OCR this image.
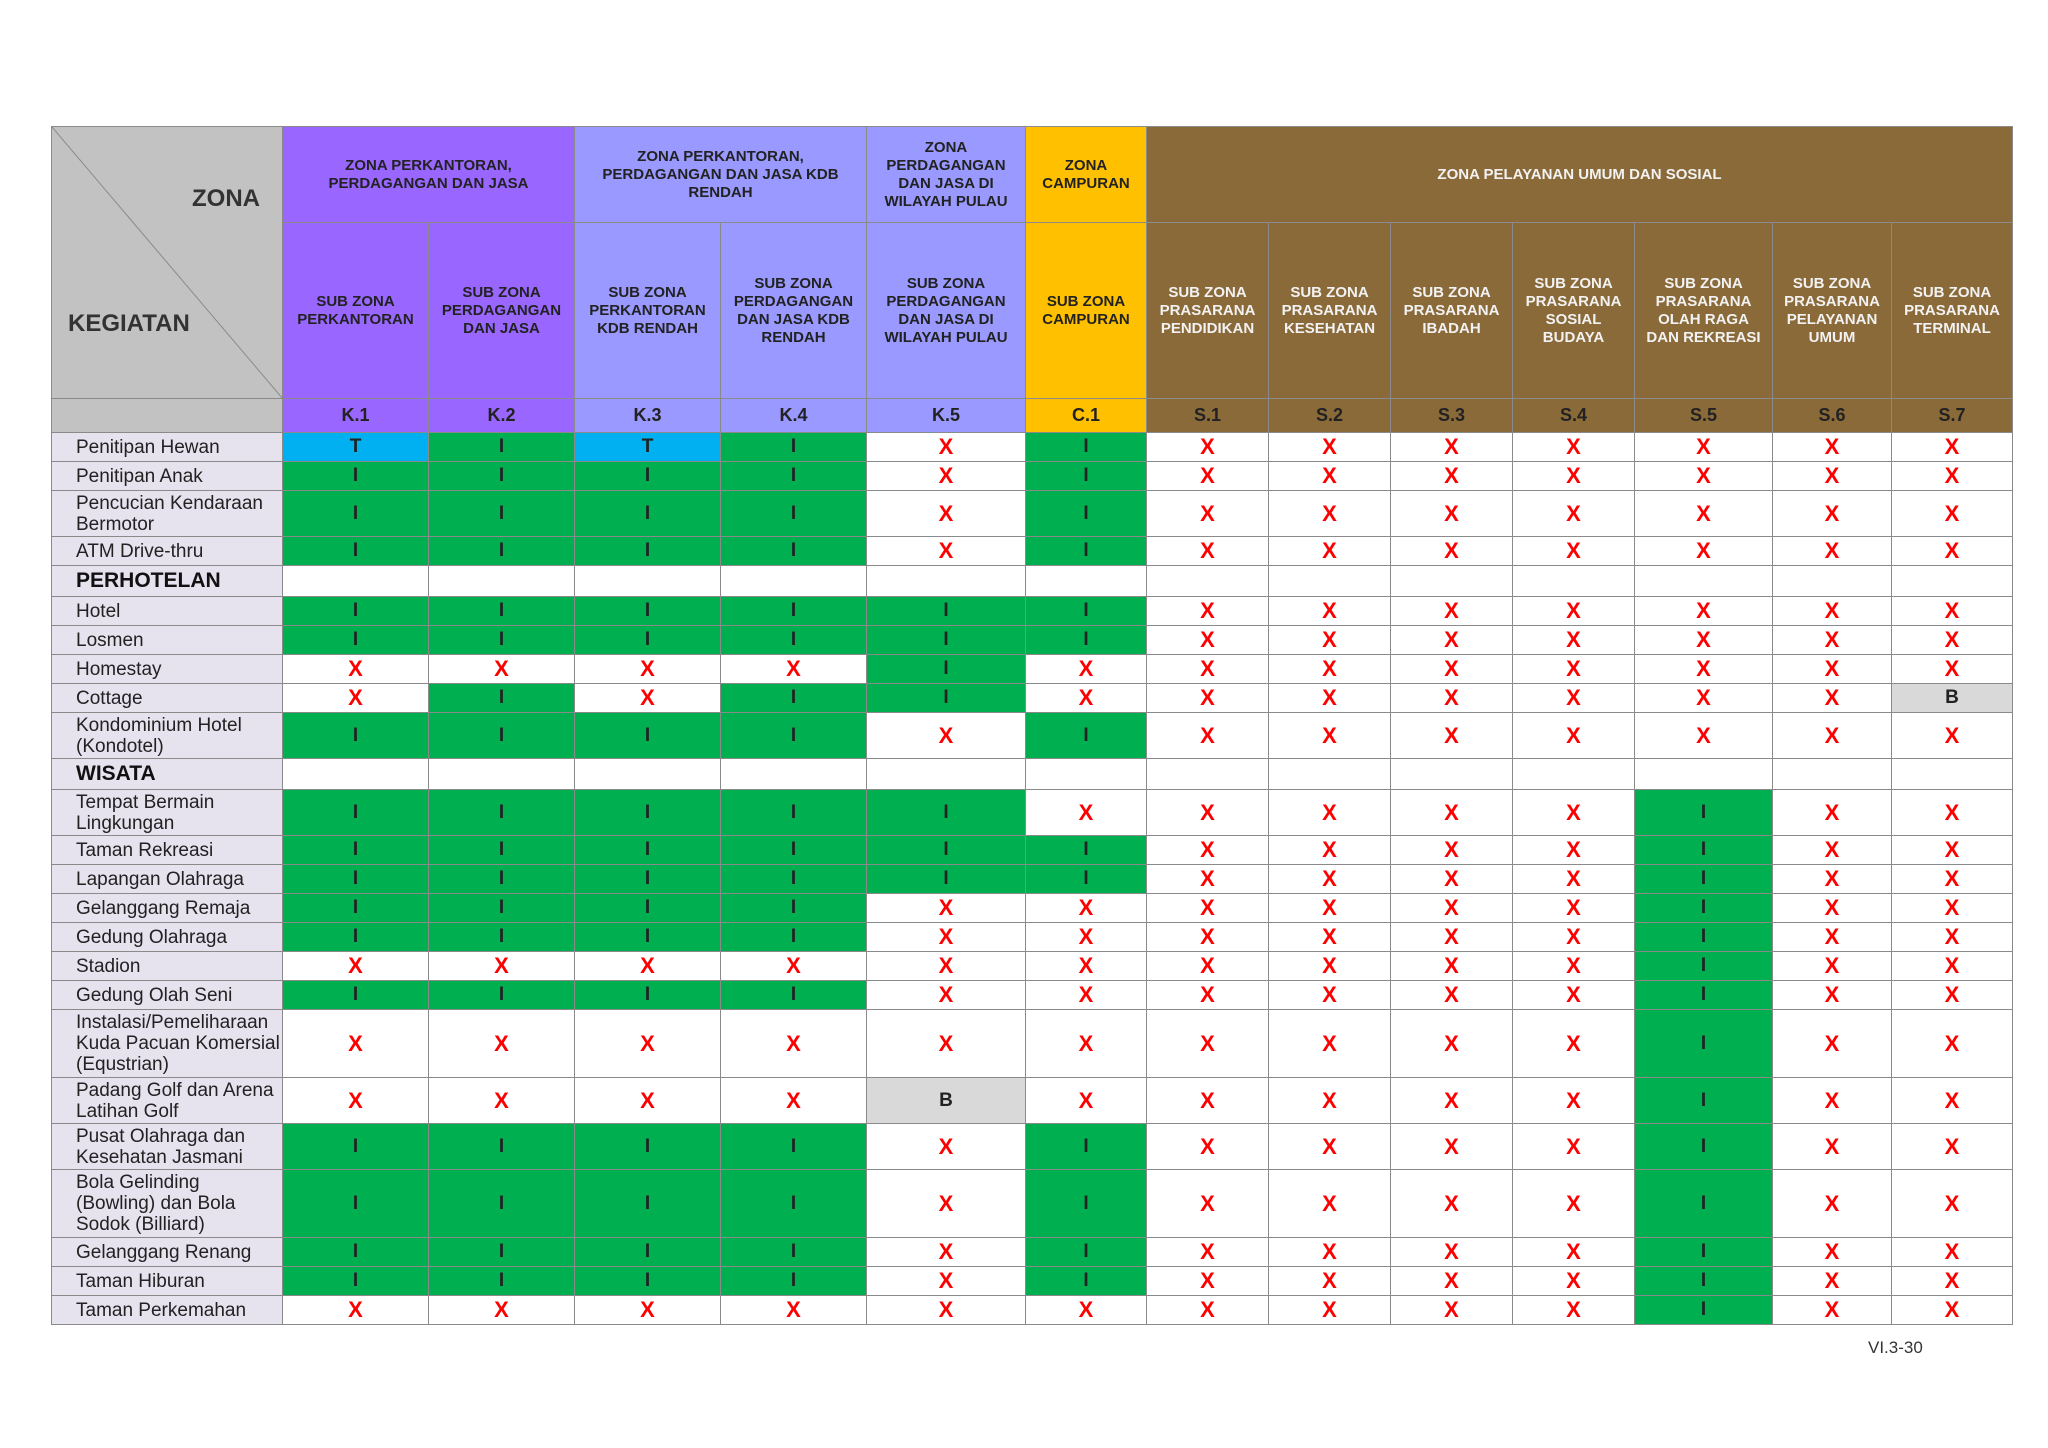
ZONA
KEGIATAN	ZONA PERKANTORAN, PERDAGANGAN DAN JASA		ZONA PERKANTORAN, PERDAGANGAN DAN JASA KDB RENDAH		ZONA PERDAGANGAN DAN JASA DI WILAYAH PULAU	ZONA CAMPURAN	ZONA PELAYANAN UMUM DAN SOSIAL						
	SUB ZONA PERKANTORAN	SUB ZONA PERDAGANGAN DAN JASA	SUB ZONA PERKANTORAN KDB RENDAH	SUB ZONA PERDAGANGAN DAN JASA KDB RENDAH	SUB ZONA PERDAGANGAN DAN JASA DI WILAYAH PULAU	SUB ZONA CAMPURAN	SUB ZONA PRASARANA PENDIDIKAN	SUB ZONA PRASARANA KESEHATAN	SUB ZONA PRASARANA IBADAH	SUB ZONA PRASARANA SOSIAL BUDAYA	SUB ZONA PRASARANA OLAH RAGA DAN REKREASI	SUB ZONA PRASARANA PELAYANAN UMUM	SUB ZONA PRASARANA TERMINAL
	K.1	K.2	K.3	K.4	K.5	C.1	S.1	S.2	S.3	S.4	S.5	S.6	S.7
Penitipan Hewan	T	I	T	I	X	I	X	X	X	X	X	X	X
Penitipan Anak	I	I	I	I	X	I	X	X	X	X	X	X	X
Pencucian Kendaraan Bermotor	I	I	I	I	X	I	X	X	X	X	X	X	X
ATM Drive-thru	I	I	I	I	X	I	X	X	X	X	X	X	X
PERHOTELAN													
Hotel	I	I	I	I	I	I	X	X	X	X	X	X	X
Losmen	I	I	I	I	I	I	X	X	X	X	X	X	X
Homestay	X	X	X	X	I	X	X	X	X	X	X	X	X
Cottage	X	I	X	I	I	X	X	X	X	X	X	X	B
Kondominium Hotel (Kondotel)	I	I	I	I	X	I	X	X	X	X	X	X	X
WISATA													
Tempat Bermain Lingkungan	I	I	I	I	I	X	X	X	X	X	I	X	X
Taman Rekreasi	I	I	I	I	I	I	X	X	X	X	I	X	X
Lapangan Olahraga	I	I	I	I	I	I	X	X	X	X	I	X	X
Gelanggang Remaja	I	I	I	I	X	X	X	X	X	X	I	X	X
Gedung Olahraga	I	I	I	I	X	X	X	X	X	X	I	X	X
Stadion	X	X	X	X	X	X	X	X	X	X	I	X	X
Gedung Olah Seni	I	I	I	I	X	X	X	X	X	X	I	X	X
Instalasi/Pemeliharaan Kuda Pacuan Komersial (Equstrian)	X	X	X	X	X	X	X	X	X	X	I	X	X
Padang Golf dan Arena Latihan Golf	X	X	X	X	B	X	X	X	X	X	I	X	X
Pusat Olahraga dan Kesehatan Jasmani	I	I	I	I	X	I	X	X	X	X	I	X	X
Bola Gelinding (Bowling) dan Bola Sodok (Billiard)	I	I	I	I	X	I	X	X	X	X	I	X	X
Gelanggang Renang	I	I	I	I	X	I	X	X	X	X	I	X	X
Taman Hiburan	I	I	I	I	X	I	X	X	X	X	I	X	X
Taman Perkemahan	X	X	X	X	X	X	X	X	X	X	I	X	X
VI.3-30
